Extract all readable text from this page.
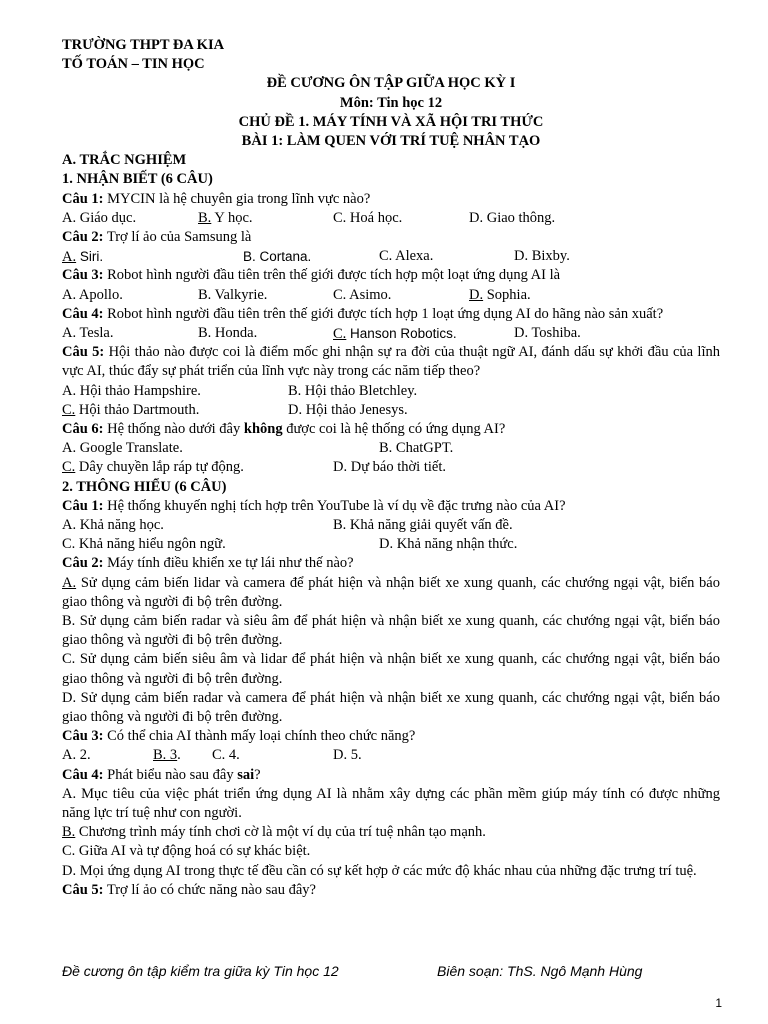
TRƯỜNG THPT ĐA KIA
TỐ TOÁN – TIN HỌC
ĐỀ CƯƠNG ÔN TẬP GIỮA HỌC KỲ I
Môn: Tin học 12
CHỦ ĐỀ 1. MÁY TÍNH VÀ XÃ HỘI TRI THỨC
BÀI 1: LÀM QUEN VỚI TRÍ TUỆ NHÂN TẠO
A. TRẮC NGHIỆM
1. NHẬN BIẾT (6 CÂU)
Câu 1: MYCIN là hệ chuyên gia trong lĩnh vực nào?
A. Giáo dục.	B. Y học.	C. Hoá học.	D. Giao thông.
Câu 2: Trợ lí ảo của Samsung là
A. Siri.	B. Cortana.	C. Alexa.	D. Bixby.
Câu 3: Robot hình người đầu tiên trên thế giới được tích hợp một loạt ứng dụng AI là
A. Apollo.	B. Valkyrie.	C. Asimo.	D. Sophia.
Câu 4: Robot hình người đầu tiên trên thế giới được tích hợp 1 loạt ứng dụng AI do hãng nào sản xuất?
A. Tesla.	B. Honda.	C. Hanson Robotics.	D. Toshiba.
Câu 5: Hội thảo nào được coi là điểm mốc ghi nhận sự ra đời của thuật ngữ AI, đánh dấu sự khởi đầu của lĩnh vực AI, thúc đẩy sự phát triển của lĩnh vực này trong các năm tiếp theo?
A. Hội thảo Hampshire.	B. Hội thảo Bletchley.
C. Hội thảo Dartmouth.	D. Hội thảo Jenesys.
Câu 6: Hệ thống nào dưới đây không được coi là hệ thống có ứng dụng AI?
A. Google Translate.	B. ChatGPT.
C. Dây chuyền lắp ráp tự động.	D. Dự báo thời tiết.
2. THÔNG HIỂU (6 CÂU)
Câu 1: Hệ thống khuyến nghị tích hợp trên YouTube là ví dụ về đặc trưng nào của AI?
A. Khả năng học.	B. Khả năng giải quyết vấn đề.
C. Khả năng hiểu ngôn ngữ.	D. Khả năng nhận thức.
Câu 2: Máy tính điều khiển xe tự lái như thế nào?
A. Sử dụng cảm biến lidar và camera để phát hiện và nhận biết xe xung quanh, các chướng ngại vật, biển báo giao thông và người đi bộ trên đường.
B. Sử dụng cảm biến radar và siêu âm để phát hiện và nhận biết xe xung quanh, các chướng ngại vật, biển báo giao thông và người đi bộ trên đường.
C. Sử dụng cảm biến siêu âm và lidar để phát hiện và nhận biết xe xung quanh, các chướng ngại vật, biển báo giao thông và người đi bộ trên đường.
D. Sử dụng cảm biến radar và camera để phát hiện và nhận biết xe xung quanh, các chướng ngại vật, biển báo giao thông và người đi bộ trên đường.
Câu 3: Có thể chia AI thành mấy loại chính theo chức năng?
A. 2.	B. 3. C. 4.	D. 5.
Câu 4: Phát biểu nào sau đây sai?
A. Mục tiêu của việc phát triển ứng dụng AI là nhằm xây dựng các phần mềm giúp máy tính có được những năng lực trí tuệ như con người.
B. Chương trình máy tính chơi cờ là một ví dụ của trí tuệ nhân tạo mạnh.
C. Giữa AI và tự động hoá có sự khác biệt.
D. Mọi ứng dụng AI trong thực tế đều cần có sự kết hợp ở các mức độ khác nhau của những đặc trưng trí tuệ.
Câu 5: Trợ lí ảo có chức năng nào sau đây?
Đề cương ôn tập kiểm tra giữa kỳ Tin học 12	Biên soạn: ThS. Ngô Mạnh Hùng
1
